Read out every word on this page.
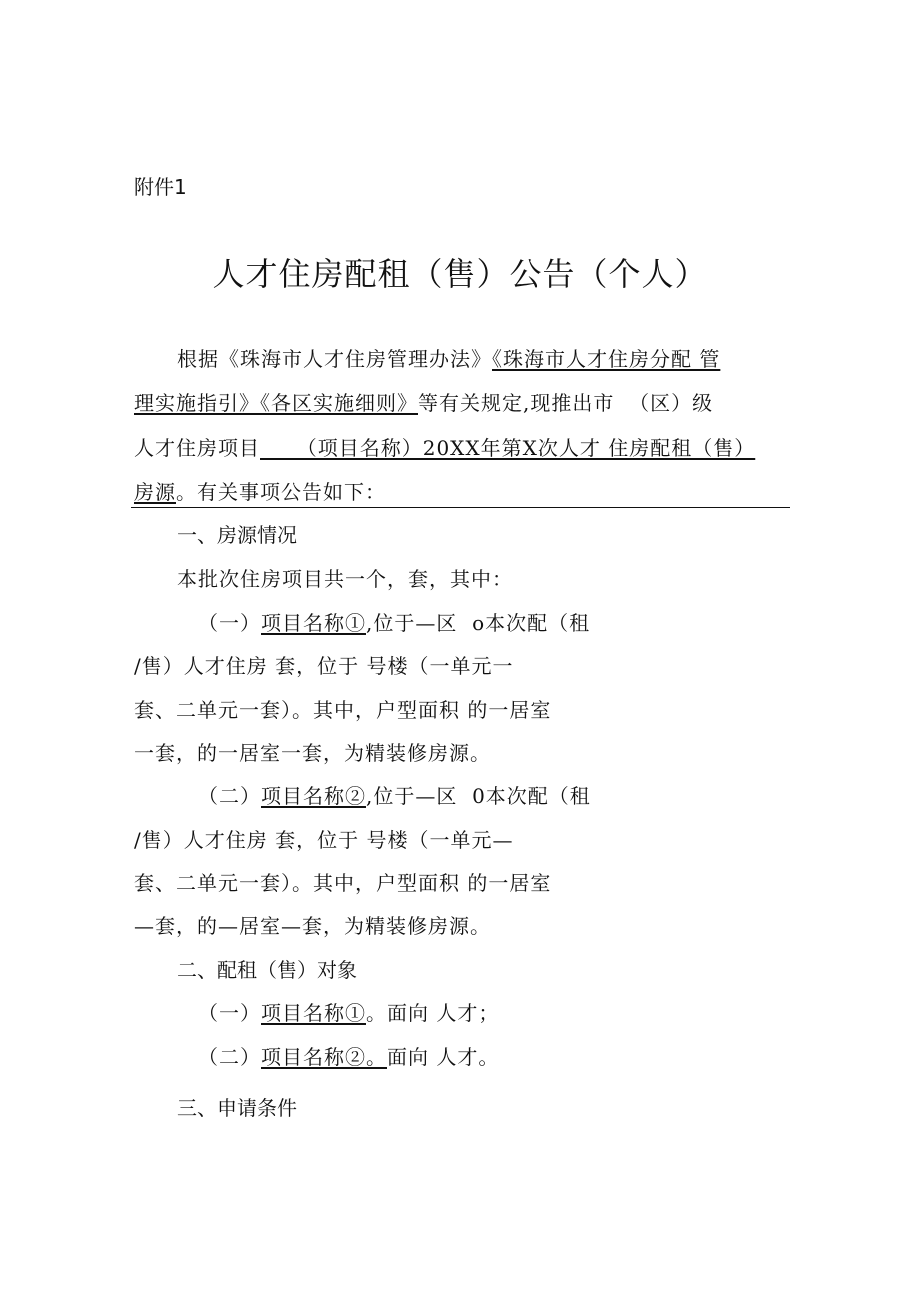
附件1
人才住房配租（售）公告（个人）
根据《珠海市人才住房管理办法》《珠海市人才住房分配 管
理实施指引》《各区实施细则》等有关规定,现推出市  （区）级
人才住房项目__  （项目名称）20XX年第X次人才 住房配租（售）
房源。有关事项公告如下：
一、房源情况
本批次住房项目共一个，套，其中：
（一）项目名称①,位于—区  o本次配（租
/售）人才住房 套，位于 号楼（一单元一
套、二单元一套）。其中，户型面积 的一居室
一套，的一居室一套，为精装修房源。
（二）项目名称②,位于—区  0本次配（租
/售）人才住房 套，位于 号楼（一单元—
套、二单元一套）。其中，户型面积 的一居室
—套，的—居室—套，为精装修房源。
二、配租（售）对象
（一）项目名称①。面向 人才；
（二）项目名称②。面向 人才。
三、申请条件
